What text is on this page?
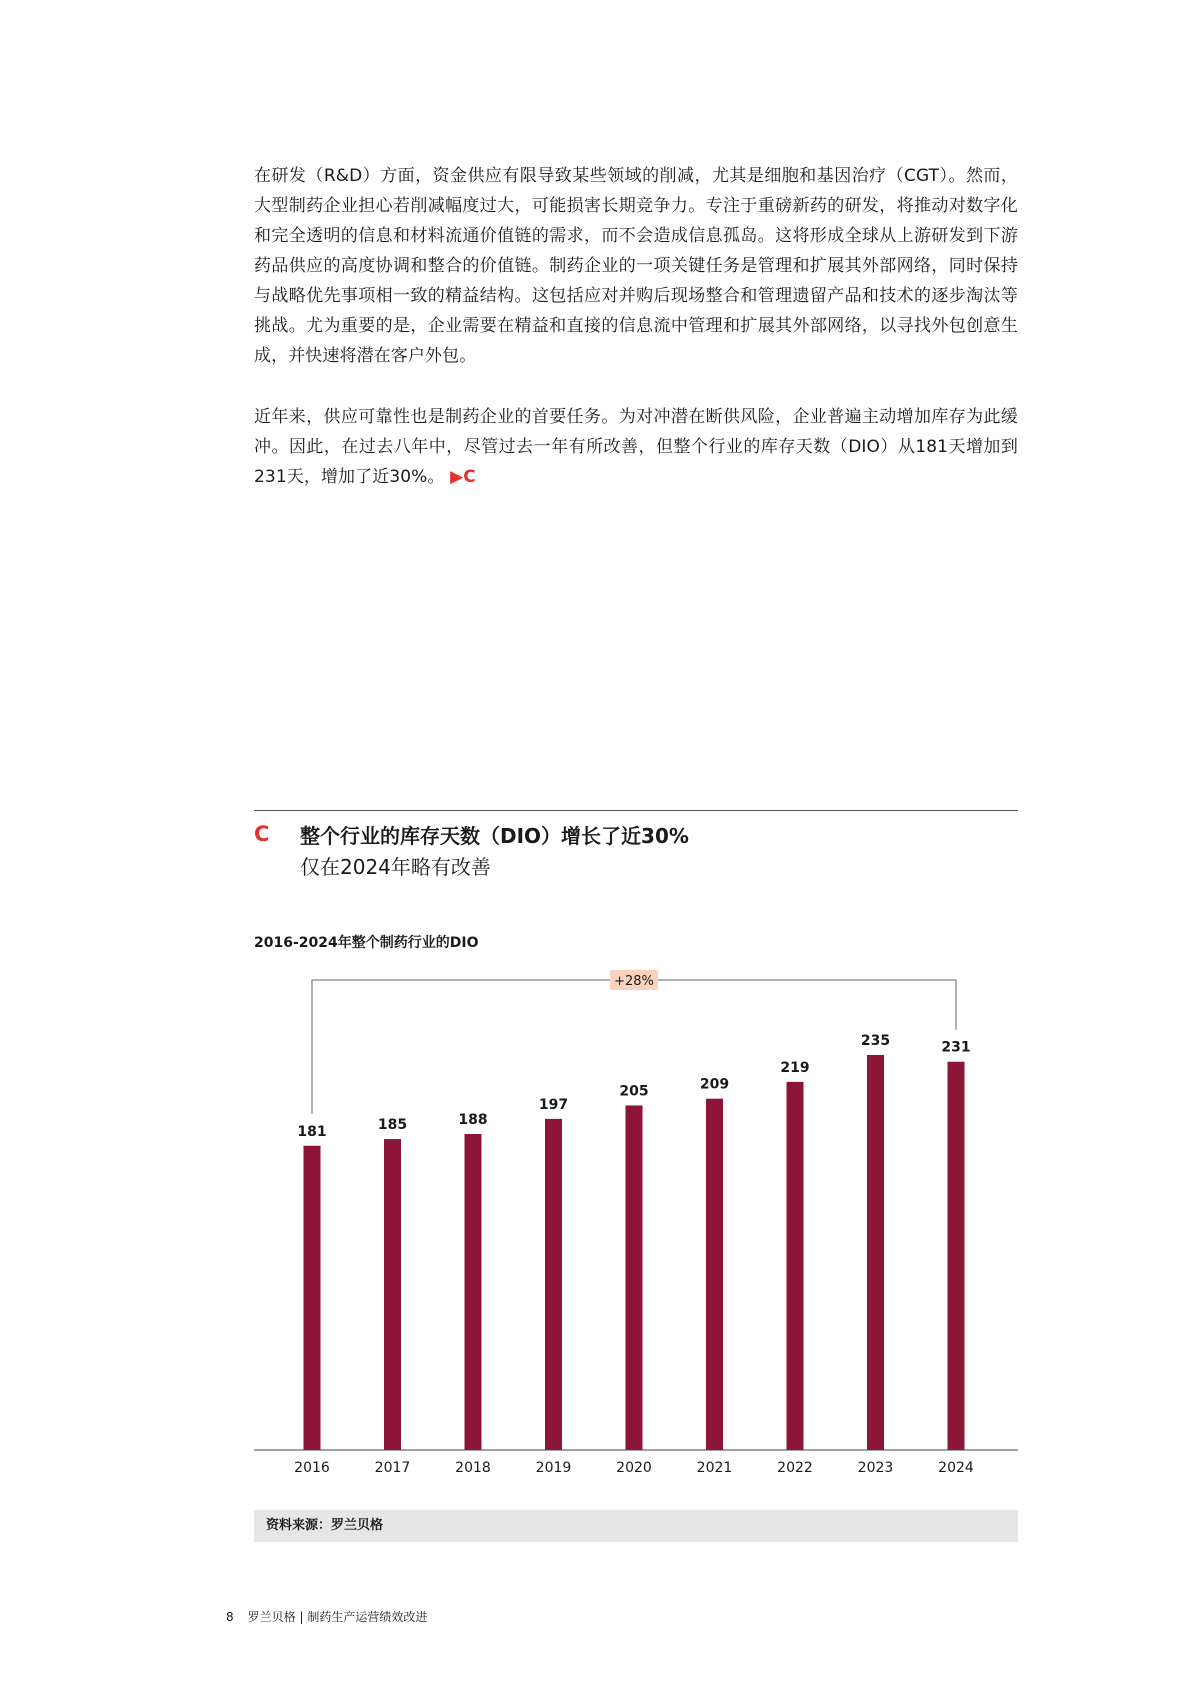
在研发（R&D）方面，资金供应有限导致某些领域的削减，尤其是细胞和基因治疗（CGT）。然而，大型制药企业担心若削减幅度过大，可能损害长期竞争力。专注于重磅新药的研发，将推动对数字化和完全透明的信息和材料流通价值链的需求，而不会造成信息孤岛。这将形成全球从上游研发到下游药品供应的高度协调和整合的价值链。制药企业的一项关键任务是管理和扩展其外部网络，同时保持与战略优先事项相一致的精益结构。这包括应对并购后现场整合和管理遗留产品和技术的逐步淘汰等挑战。尤为重要的是，企业需要在精益和直接的信息流中管理和扩展其外部网络，以寻找外包创意生成，并快速将潜在客户外包。

近年来，供应可靠性也是制药企业的首要任务。为对冲潜在断供风险，企业普遍主动增加库存为此缓冲。因此，在过去八年中，尽管过去一年有所改善，但整个行业的库存天数（DIO）从181天增加到231天，增加了近30%。 ▶C

C 整个行业的库存天数（DIO）增长了近30%
仅在2024年略有改善
2016-2024年整个制药行业的DIO
+28%
181
2016
185
2017
188
2018
197
2019
205
2020
209
2021
219
2022
235
2023
231
2024
资料来源：罗兰贝格
8 罗兰贝格 | 制药生产运营绩效改进
